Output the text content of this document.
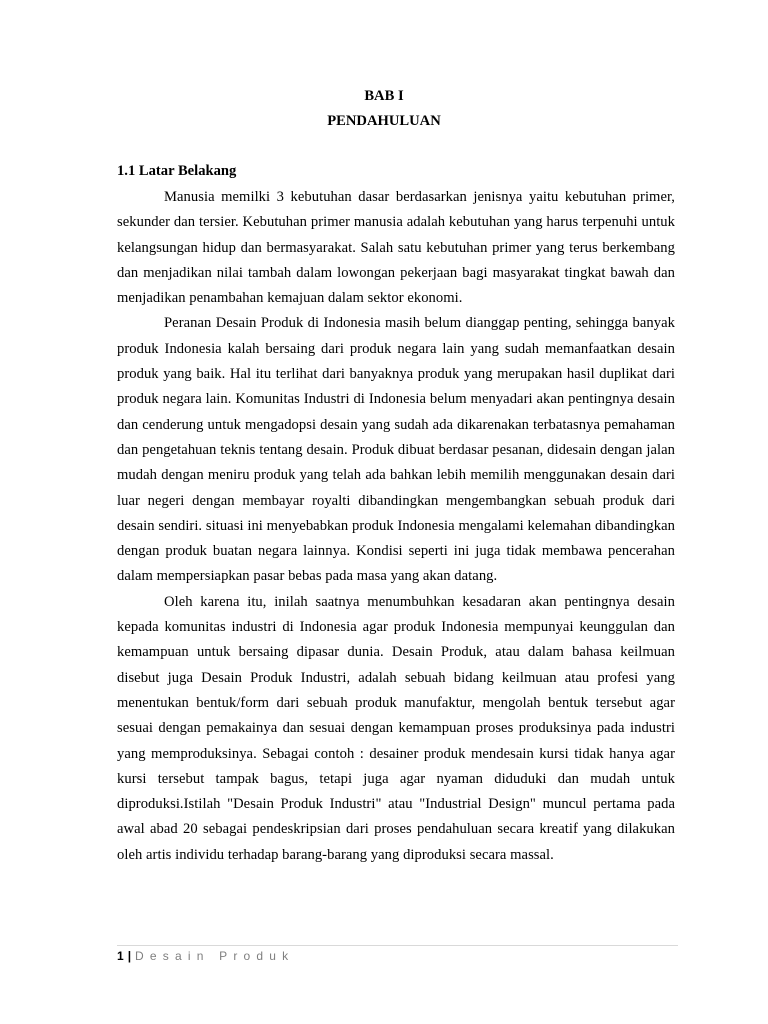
BAB I
PENDAHULUAN
1.1 Latar Belakang

Manusia memilki 3 kebutuhan dasar berdasarkan jenisnya yaitu kebutuhan primer, sekunder dan tersier. Kebutuhan primer manusia adalah kebutuhan yang harus terpenuhi untuk kelangsungan hidup dan bermasyarakat. Salah satu kebutuhan primer yang terus berkembang dan menjadikan nilai tambah dalam lowongan pekerjaan bagi masyarakat tingkat bawah dan menjadikan penambahan kemajuan dalam sektor ekonomi.

Peranan Desain Produk di Indonesia masih belum dianggap penting, sehingga banyak produk Indonesia kalah bersaing dari produk negara lain yang sudah memanfaatkan desain produk yang baik. Hal itu terlihat dari banyaknya produk yang merupakan hasil duplikat dari produk negara lain. Komunitas Industri di Indonesia belum menyadari akan pentingnya desain dan cenderung untuk mengadopsi desain yang sudah ada dikarenakan terbatasnya pemahaman dan pengetahuan teknis tentang desain. Produk dibuat berdasar pesanan, didesain dengan jalan mudah dengan meniru produk yang telah ada bahkan lebih memilih menggunakan desain dari luar negeri dengan membayar royalti dibandingkan mengembangkan sebuah produk dari desain sendiri. situasi ini menyebabkan produk Indonesia mengalami kelemahan dibandingkan dengan produk buatan negara lainnya. Kondisi seperti ini juga tidak membawa pencerahan dalam mempersiapkan pasar bebas pada masa yang akan datang.

Oleh karena itu, inilah saatnya menumbuhkan kesadaran akan pentingnya desain kepada komunitas industri di Indonesia agar produk Indonesia mempunyai keunggulan dan kemampuan untuk bersaing dipasar dunia. Desain Produk, atau dalam bahasa keilmuan disebut juga Desain Produk Industri, adalah sebuah bidang keilmuan atau profesi yang menentukan bentuk/form dari sebuah produk manufaktur, mengolah bentuk tersebut agar sesuai dengan pemakainya dan sesuai dengan kemampuan proses produksinya pada industri yang memproduksinya. Sebagai contoh : desainer produk mendesain kursi tidak hanya agar kursi tersebut tampak bagus, tetapi juga agar nyaman diduduki dan mudah untuk diproduksi.Istilah "Desain Produk Industri" atau "Industrial Design" muncul pertama pada awal abad 20 sebagai pendeskripsian dari proses pendahuluan secara kreatif yang dilakukan oleh artis individu terhadap barang-barang yang diproduksi secara massal.

1 | Desain Produk
